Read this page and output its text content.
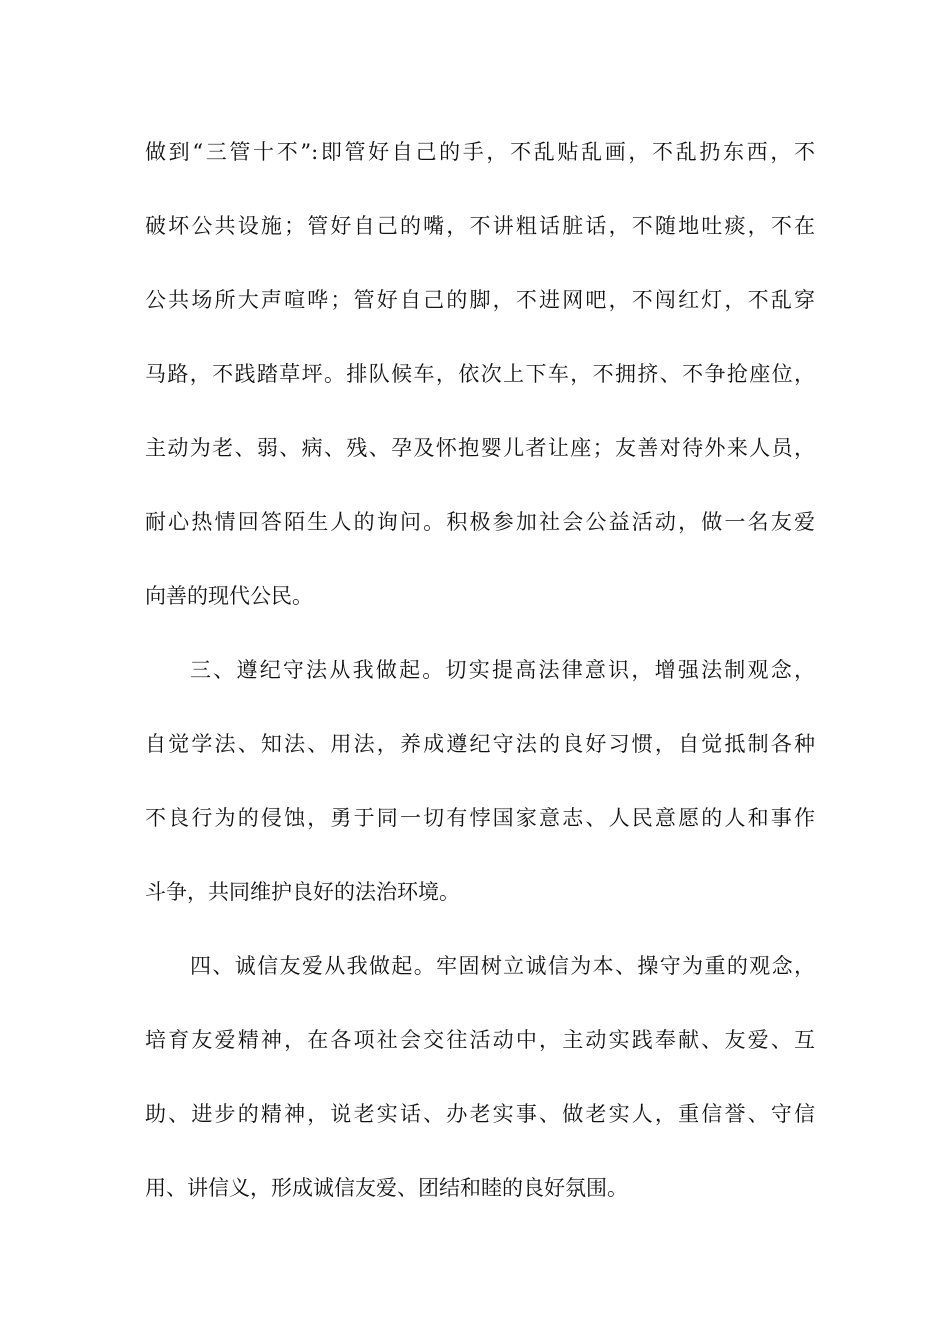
做到“三管十不”:即管好自己的手，不乱贴乱画，不乱扔东西，不
破坏公共设施；管好自己的嘴，不讲粗话脏话，不随地吐痰，不在
公共场所大声喧哗；管好自己的脚，不进网吧，不闯红灯，不乱穿
马路，不践踏草坪。排队候车，依次上下车，不拥挤、不争抢座位，
主动为老、弱、病、残、孕及怀抱婴儿者让座；友善对待外来人员，
耐心热情回答陌生人的询问。积极参加社会公益活动，做一名友爱
向善的现代公民。
三、遵纪守法从我做起。切实提高法律意识，增强法制观念，
自觉学法、知法、用法，养成遵纪守法的良好习惯，自觉抵制各种
不良行为的侵蚀，勇于同一切有悖国家意志、人民意愿的人和事作
斗争，共同维护良好的法治环境。
四、诚信友爱从我做起。牢固树立诚信为本、操守为重的观念，
培育友爱精神，在各项社会交往活动中，主动实践奉献、友爱、互
助、进步的精神，说老实话、办老实事、做老实人，重信誉、守信
用、讲信义，形成诚信友爱、团结和睦的良好氛围。
